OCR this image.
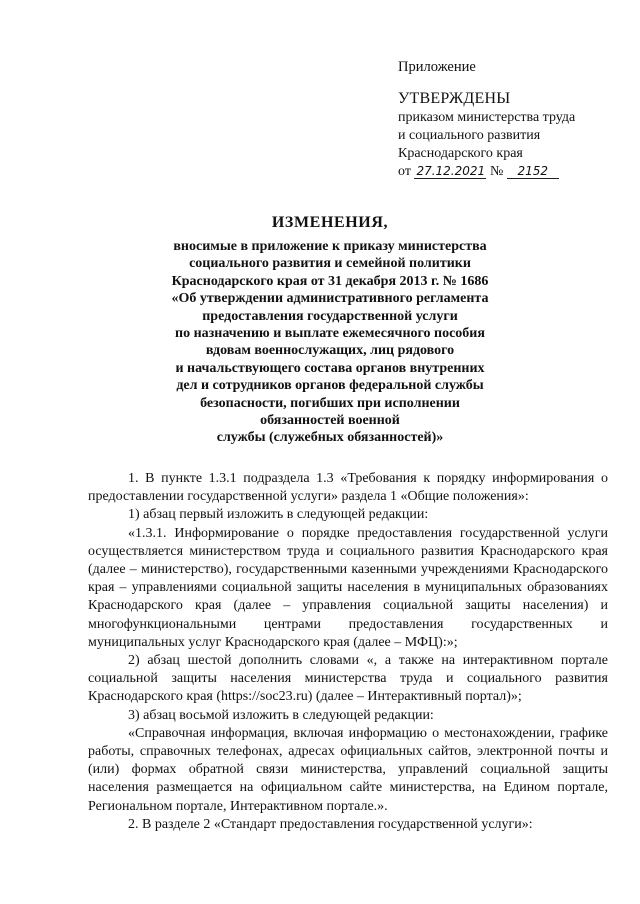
Приложение
УТВЕРЖДЕНЫ
приказом министерства труда
и социального развития
Краснодарского края
от 27.12.2021 № 2152
ИЗМЕНЕНИЯ,
вносимые в приложение к приказу министерства
социального развития и семейной политики
Краснодарского края от 31 декабря 2013 г. № 1686
«Об утверждении административного регламента
предоставления государственной услуги
по назначению и выплате ежемесячного пособия
вдовам военнослужащих, лиц рядового
и начальствующего состава органов внутренних
дел и сотрудников органов федеральной службы
безопасности, погибших при исполнении
обязанностей военной
службы (служебных обязанностей)»

1. В пункте 1.3.1 подраздела 1.3 «Требования к порядку информирования о предоставлении государственной услуги» раздела 1 «Общие положения»:

1) абзац первый изложить в следующей редакции:

«1.3.1. Информирование о порядке предоставления государственной услуги осуществляется министерством труда и социального развития Краснодарского края (далее – министерство), государственными казенными учреждениями Краснодарского края – управлениями социальной защиты населения в муниципальных образованиях Краснодарского края (далее – управления социальной защиты населения) и многофункциональными центрами предоставления государственных и муниципальных услуг Краснодарского края (далее – МФЦ):»;

2) абзац шестой дополнить словами «, а также на интерактивном портале социальной защиты населения министерства труда и социального развития Краснодарского края (https://soc23.ru) (далее – Интерактивный портал)»;

3) абзац восьмой изложить в следующей редакции:

«Справочная информация, включая информацию о местонахождении, графике работы, справочных телефонах, адресах официальных сайтов, электронной почты и (или) формах обратной связи министерства, управлений социальной защиты населения размещается на официальном сайте министерства, на Едином портале, Региональном портале, Интерактивном портале.».

2. В разделе 2 «Стандарт предоставления государственной услуги»:
